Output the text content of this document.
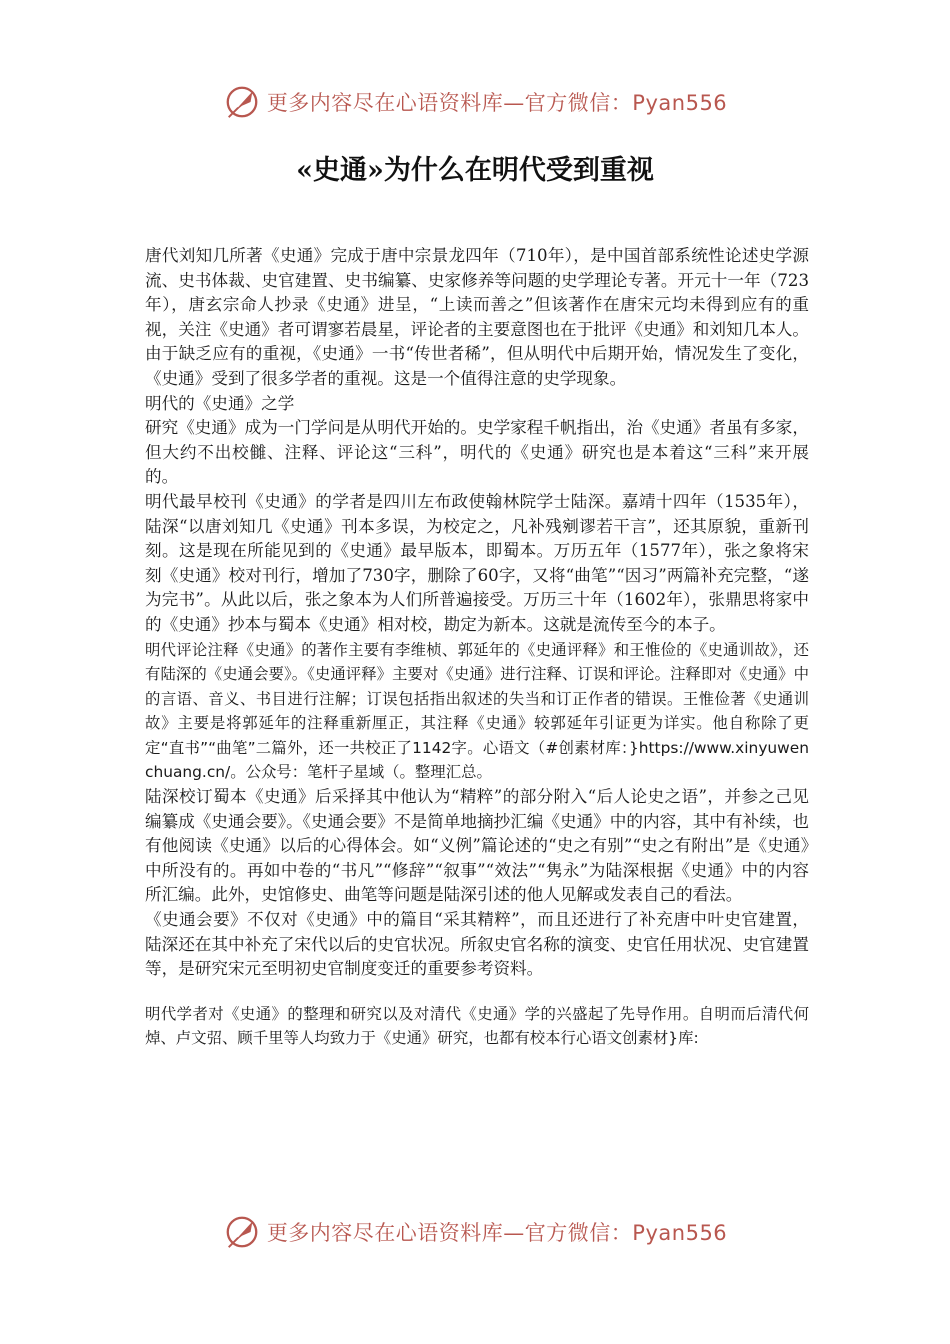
更多内容尽在心语资料库—官方微信：Pyan556
«史通»为什么在明代受到重视

唐代刘知几所著《史通》完成于唐中宗景龙四年（710年），是中国首部系统性论述史学源流、史书体裁、史官建置、史书编纂、史家修养等问题的史学理论专著。开元十一年（723年），唐玄宗命人抄录《史通》进呈，“上读而善之”但该著作在唐宋元均未得到应有的重视，关注《史通》者可谓寥若晨星，评论者的主要意图也在于批评《史通》和刘知几本人。由于缺乏应有的重视，《史通》一书“传世者稀”，但从明代中后期开始，情况发生了变化，《史通》受到了很多学者的重视。这是一个值得注意的史学现象。

明代的《史通》之学

研究《史通》成为一门学问是从明代开始的。史学家程千帆指出，治《史通》者虽有多家，但大约不出校雠、注释、评论这“三科”，明代的《史通》研究也是本着这“三科”来开展的。

明代最早校刊《史通》的学者是四川左布政使翰林院学士陆深。嘉靖十四年（1535年），陆深“以唐刘知几《史通》刊本多误，为校定之，凡补残剜谬若干言”，还其原貌，重新刊刻。这是现在所能见到的《史通》最早版本，即蜀本。万历五年（1577年），张之象将宋刻《史通》校对刊行，增加了730字，删除了60字，又将“曲笔”“因习”两篇补充完整，“遂为完书”。从此以后，张之象本为人们所普遍接受。万历三十年（1602年），张鼎思将家中的《史通》抄本与蜀本《史通》相对校，勘定为新本。这就是流传至今的本子。

明代评论注释《史通》的著作主要有李维桢、郭延年的《史通评释》和王惟俭的《史通训故》，还有陆深的《史通会要》。《史通评释》主要对《史通》进行注释、订误和评论。注释即对《史通》中的言语、音义、书目进行注解；订误包括指出叙述的失当和订正作者的错误。王惟俭著《史通训故》主要是将郭延年的注释重新厘正，其注释《史通》较郭延年引证更为详实。他自称除了更定“直书”“曲笔”二篇外，还一共校正了1142字。心语文（#创素材库：}https://www.xinyuwenchuang.cn/。公众号：笔杆子星域（。整理汇总。

陆深校订蜀本《史通》后采择其中他认为“精粹”的部分附入“后人论史之语”，并参之己见编纂成《史通会要》。《史通会要》不是简单地摘抄汇编《史通》中的内容，其中有补续，也有他阅读《史通》以后的心得体会。如“义例”篇论述的“史之有别”“史之有附出”是《史通》中所没有的。再如中卷的“书凡”“修辞”“叙事”“效法”“隽永”为陆深根据《史通》中的内容所汇编。此外，史馆修史、曲笔等问题是陆深引述的他人见解或发表自己的看法。

《史通会要》不仅对《史通》中的篇目“采其精粹”，而且还进行了补充唐中叶史官建置，陆深还在其中补充了宋代以后的史官状况。所叙史官名称的演变、史官任用状况、史官建置等，是研究宋元至明初史官制度变迁的重要参考资料。

明代学者对《史通》的整理和研究以及对清代《史通》学的兴盛起了先导作用。自明而后清代何焯、卢文弨、顾千里等人均致力于《史通》研究，也都有校本行心语文创素材}库:

更多内容尽在心语资料库—官方微信：Pyan556
